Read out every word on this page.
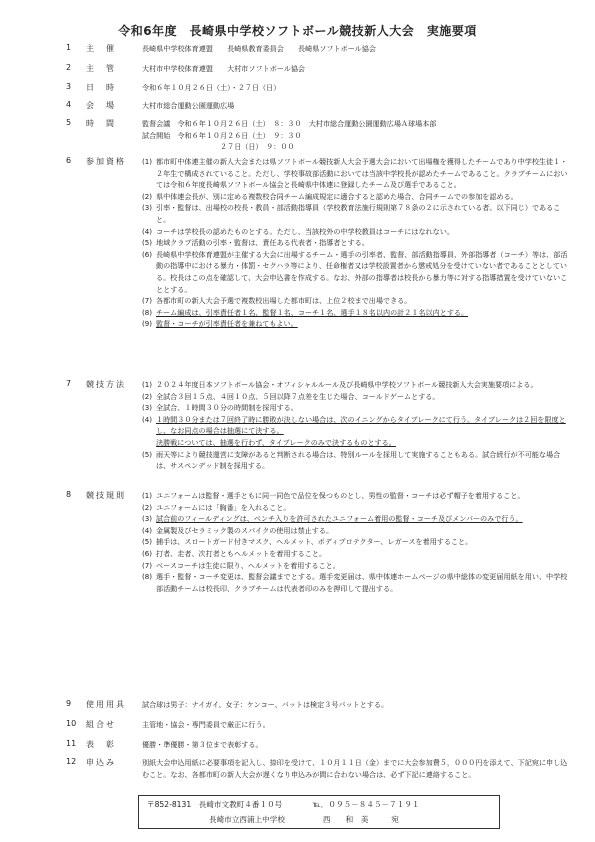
令和6年度　長崎県中学校ソフトボール競技新人大会　実施要項
1	主　催	長崎県中学校体育連盟　　長崎県教育委員会　　長崎県ソフトボール協会
2	主　管	大村市中学校体育連盟　　大村市ソフトボール協会
3	日　時	令和６年１０月２６日（土）・２７日（日）
4	会　場	大村市総合運動公園運動広場
5	時　間	監督会議　令和６年１０月２６日（土）　８：３０　大村市総合運動公園運動広場Ａ球場本部
試合開始　令和６年１０月２６日（土）　９：３０
　　　　　　　　　　　２７日（日）　９：００
6	参加資格	(1) 都市町中体連主催の新人大会または県ソフトボール競技新人大会予選大会において出場権を獲得したチームであり中学校生徒１・２年生で構成されていること。ただし、学校事故部活動においては当該中学校長が認めたチームであること。クラブチームにおいては令和６年度長崎県ソフトボール協会と長崎県中体連に登録したチーム及び選手であること。
(2) 県中体連会長が、別に定める複数校合同チーム編成規定に適合すると認めた場合、合同チームでの参加を認める。
(3) 引率・監督は、出場校の校長・教員・部活動指導員（学校教育法施行規則第７８条の２に示されている者。以下同じ）であること。
(4) コーチは学校長の認めたものとする。ただし、当該校外の中学校教員はコーチにはなれない。
(5) 地域クラブ活動の引率・監督は、責任ある代表者・指導者とする。
(6) 長崎県中学校体育連盟が主催する大会に出場するチーム・選手の引率者、監督、部活動指導員、外部指導者（コーチ）等は、部活動の指導中における暴力・体罰・セクハラ等により、任命権者又は学校設置者から懲戒処分を受けていない者であることとしている。校長はこの点を確認して、大会申込書を作成する。なお、外部の指導者は校長から暴力等に対する指導措置を受けていないこととする。
(7) 各都市町の新人大会予選で複数校出場した都市町は、上位２校まで出場できる。
(8) チーム編成は、引率責任者１名、監督１名、コーチ１名、選手１８名以内の計２１名以内とする。
(9) 監督・コーチが引率責任者を兼ねてもよい。
7	競技方法	(1) ２０２４年度日本ソフトボール協会・オフィシャルルール及び長崎県中学校ソフトボール競技新人大会実施要項による。
(2) 全試合３回１５点、４回１０点、５回以降７点差を生じた場合、コールドゲームとする。
(3) 全試合、１時間３０分の時間制を採用する。
(4) １時間３０分または７回終了時に勝敗が決しない場合は、次のイニングからタイブレークにて行う。タイブレークは２回を限度とし、なお同点の場合は抽選にて決する。
決勝戦については、抽選を行わず、タイブレークのみで決するものとする。
(5) 雨天等により競技運営に支障があると判断される場合は、特別ルールを採用して実施することもある。試合続行が不可能な場合は、サスペンデッド制を採用する。
8	競技規則	(1) ユニフォームは監督・選手ともに同一同色で品位を保つものとし、男性の監督・コーチは必ず帽子を着用すること。
(2) ユニフォームには「胸番」を入れること。
(3) 試合前のフィールディングは、ベンチ入りを許可されたユニフォーム着用の監督・コーチ及びメンバーのみで行う。
(4) 金属製及びセラミック製のスパイクの使用は禁止する。
(5) 捕手は、スロートガード付きマスク、ヘルメット、ボディプロテクター、レガースを着用すること。
(6) 打者、走者、次打者ともヘルメットを着用すること。
(7) ベースコーチは生徒に限り、ヘルメットを着用すること。
(8) 選手・監督・コーチ変更は、監督会議までとする。選手変更届は、県中体連ホームページの県中総体の変更届用紙を用い、中学校部活動チームは校長印、クラブチームは代表者印のみを押印して提出する。
9	使用用具	試合球は男子：ナイガイ、女子：ケンコー、バットは検定３号バットとする。
10	組合せ	主管地・協会・専門委員で厳正に行う。
11	表　彰	優勝・準優勝・第３位まで表彰する。
12	申込み	別紙大会申込用紙に必要事項を記入し、捺印を受けて、１０月１１日（金）までに大会参加費５，０００円を添えて、下記宛に申し込むこと。なお、各都市町の新人大会が遅くなり申込みが間に合わない場合は、必ず下記に連絡すること。
〒852-8131　長崎市文教町４番１０号　　　　℡．０９５－８４５－７１９１
長崎市立西浦上中学校　　　　　西　　和　美　　　宛
